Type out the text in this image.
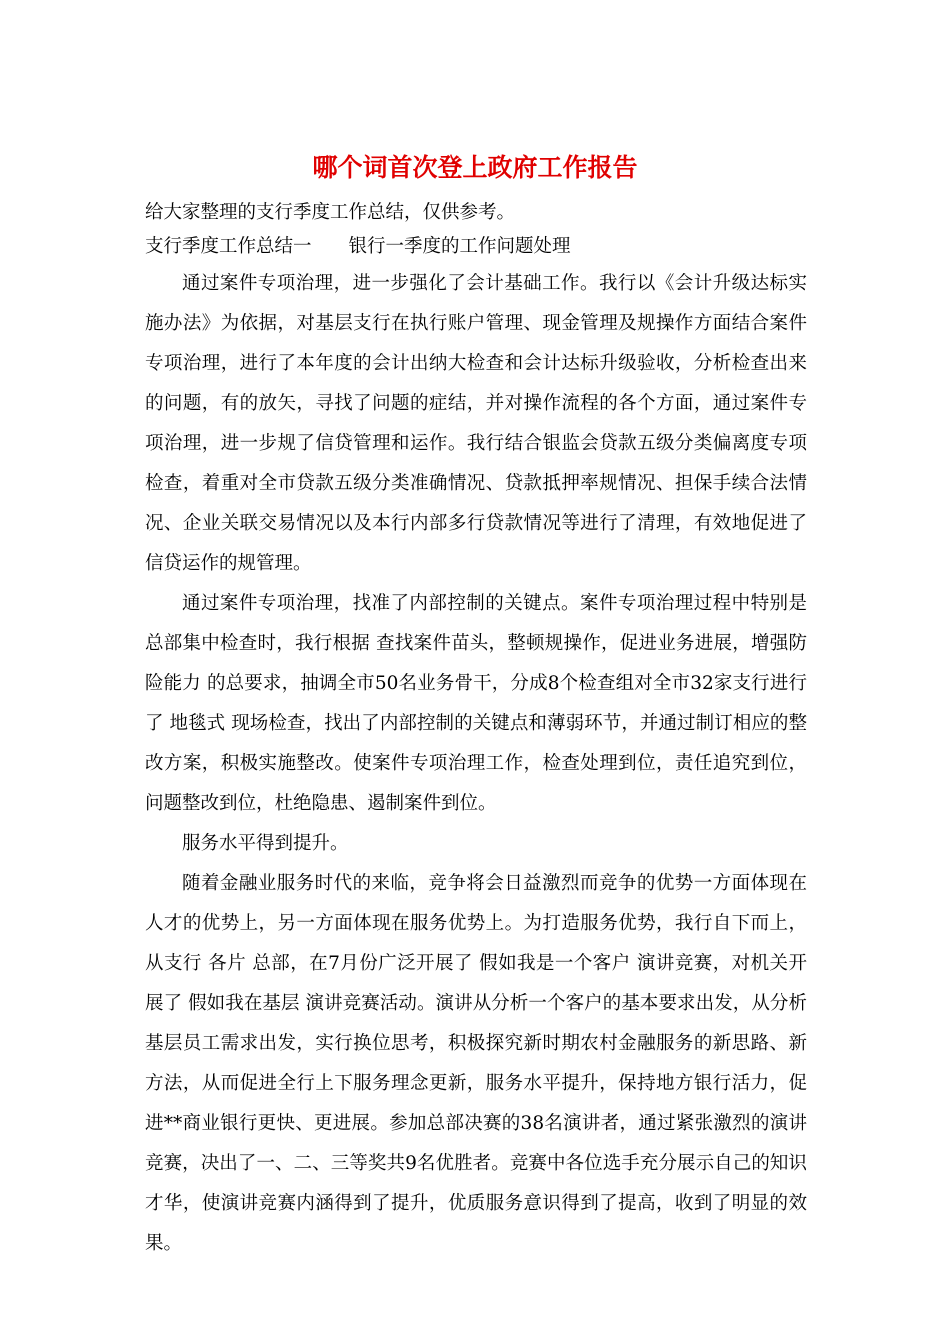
哪个词首次登上政府工作报告

给大家整理的支行季度工作总结，仅供参考。

支行季度工作总结一　　银行一季度的工作问题处理

通过案件专项治理，进一步强化了会计基础工作。我行以《会计升级达标实施办法》为依据，对基层支行在执行账户管理、现金管理及规操作方面结合案件专项治理，进行了本年度的会计出纳大检查和会计达标升级验收，分析检查出来的问题，有的放矢，寻找了问题的症结，并对操作流程的各个方面，通过案件专项治理，进一步规了信贷管理和运作。我行结合银监会贷款五级分类偏离度专项检查，着重对全市贷款五级分类准确情况、贷款抵押率规情况、担保手续合法情况、企业关联交易情况以及本行内部多行贷款情况等进行了清理，有效地促进了信贷运作的规管理。

通过案件专项治理，找准了内部控制的关键点。案件专项治理过程中特别是总部集中检查时，我行根据 查找案件苗头，整顿规操作，促进业务进展，增强防险能力 的总要求，抽调全市50名业务骨干，分成8个检查组对全市32家支行进行了 地毯式 现场检查，找出了内部控制的关键点和薄弱环节，并通过制订相应的整改方案，积极实施整改。使案件专项治理工作，检查处理到位，责任追究到位，问题整改到位，杜绝隐患、遏制案件到位。

服务水平得到提升。

随着金融业服务时代的来临，竞争将会日益激烈而竞争的优势一方面体现在人才的优势上，另一方面体现在服务优势上。为打造服务优势，我行自下而上，从支行 各片 总部，在7月份广泛开展了 假如我是一个客户 演讲竞赛，对机关开展了 假如我在基层 演讲竞赛活动。演讲从分析一个客户的基本要求出发，从分析基层员工需求出发，实行换位思考，积极探究新时期农村金融服务的新思路、新方法，从而促进全行上下服务理念更新，服务水平提升，保持地方银行活力，促进**商业银行更快、更进展。参加总部决赛的38名演讲者，通过紧张激烈的演讲竞赛，决出了一、二、三等奖共9名优胜者。竞赛中各位选手充分展示自己的知识才华，使演讲竞赛内涵得到了提升，优质服务意识得到了提高，收到了明显的效果。
